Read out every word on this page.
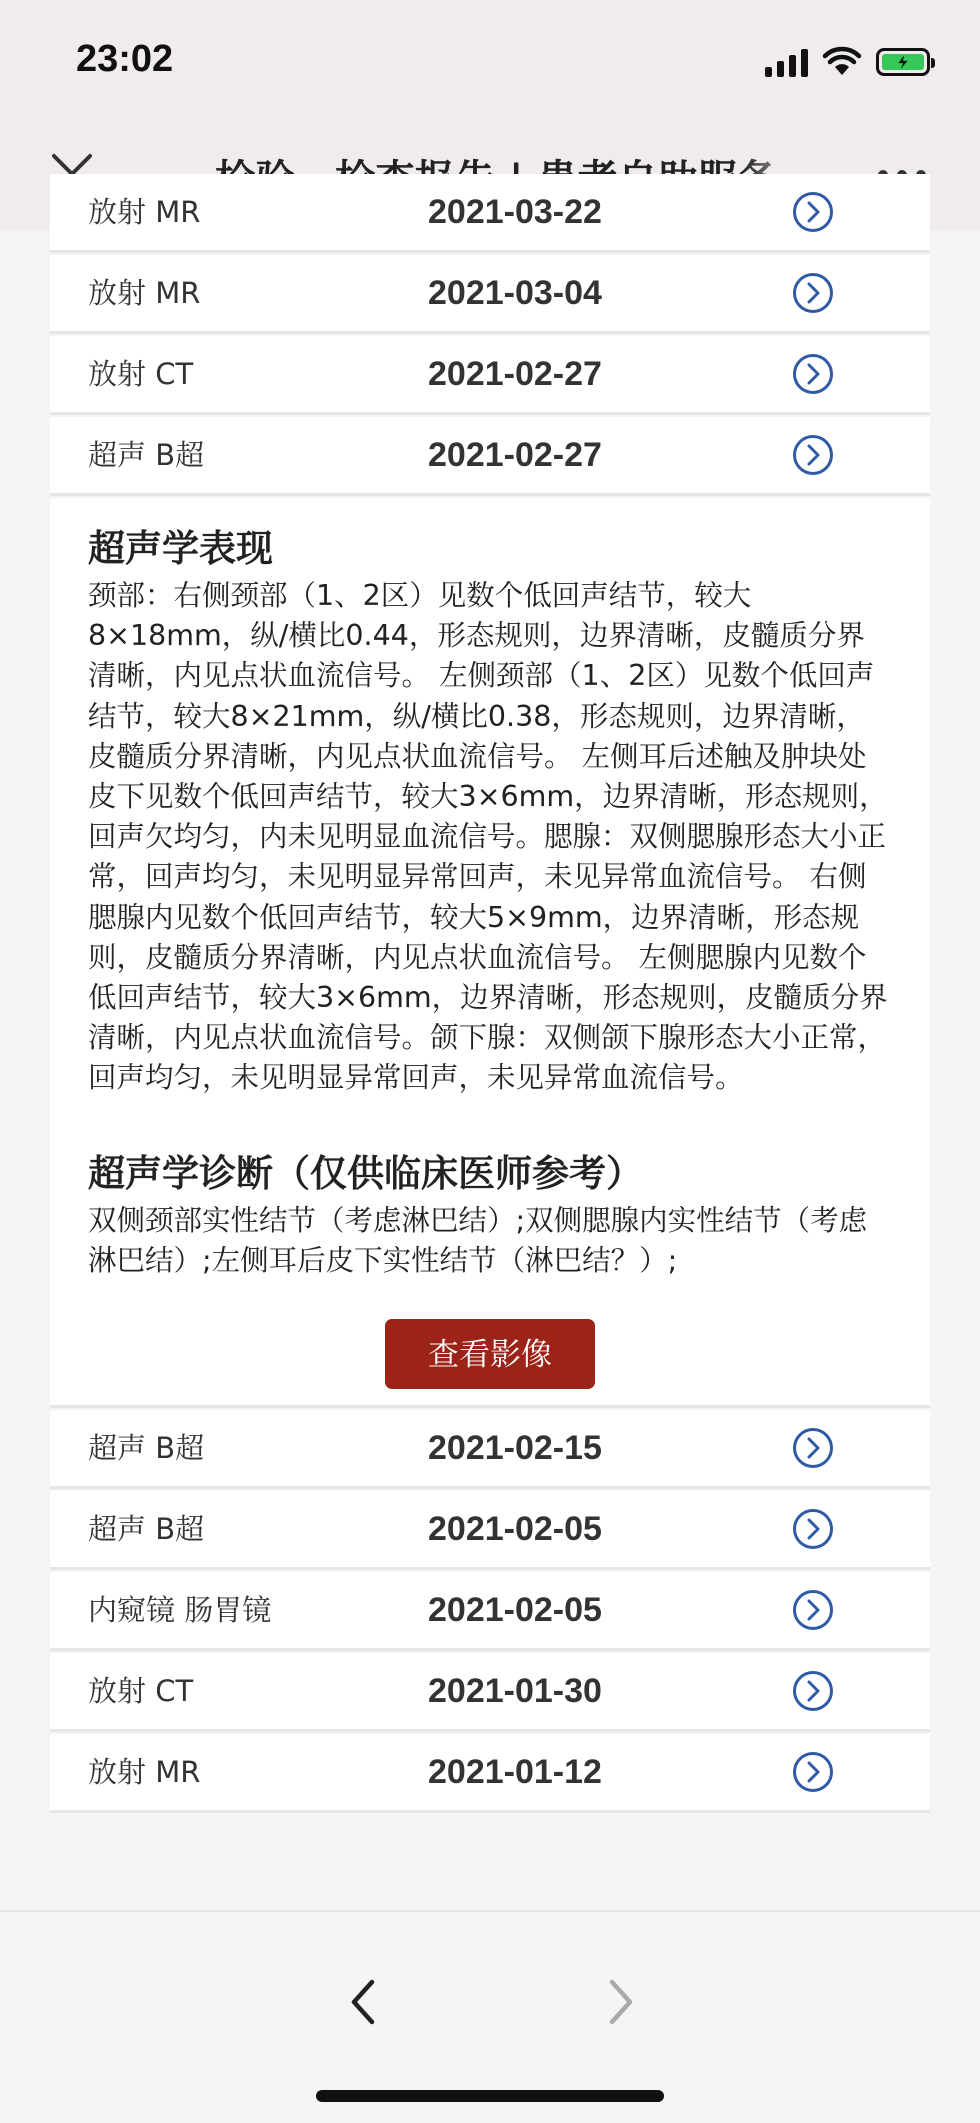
23:02
放射 MR	2021-03-22
放射 MR	2021-03-04
放射 CT	2021-02-27
超声 B超	2021-02-27
超声学表现

颈部：右侧颈部（1、2区）见数个低回声结节，较大8×18mm，纵/横比0.44，形态规则，边界清晰，皮髓质分界清晰，内见点状血流信号。 左侧颈部（1、2区）见数个低回声结节，较大8×21mm，纵/横比0.38，形态规则，边界清晰，皮髓质分界清晰，内见点状血流信号。 左侧耳后述触及肿块处皮下见数个低回声结节，较大3×6mm，边界清晰，形态规则，回声欠均匀，内未见明显血流信号。腮腺：双侧腮腺形态大小正常，回声均匀，未见明显异常回声，未见异常血流信号。 右侧腮腺内见数个低回声结节，较大5×9mm，边界清晰，形态规则，皮髓质分界清晰，内见点状血流信号。 左侧腮腺内见数个低回声结节，较大3×6mm，边界清晰，形态规则，皮髓质分界清晰，内见点状血流信号。颌下腺：双侧颌下腺形态大小正常，回声均匀，未见明显异常回声，未见异常血流信号。

超声学诊断（仅供临床医师参考）

双侧颈部实性结节（考虑淋巴结）;双侧腮腺内实性结节（考虑淋巴结）;左侧耳后皮下实性结节（淋巴结？）;

查看影像
超声 B超	2021-02-15
超声 B超	2021-02-05
内窥镜 肠胃镜	2021-02-05
放射 CT	2021-01-30
放射 MR	2021-01-12
